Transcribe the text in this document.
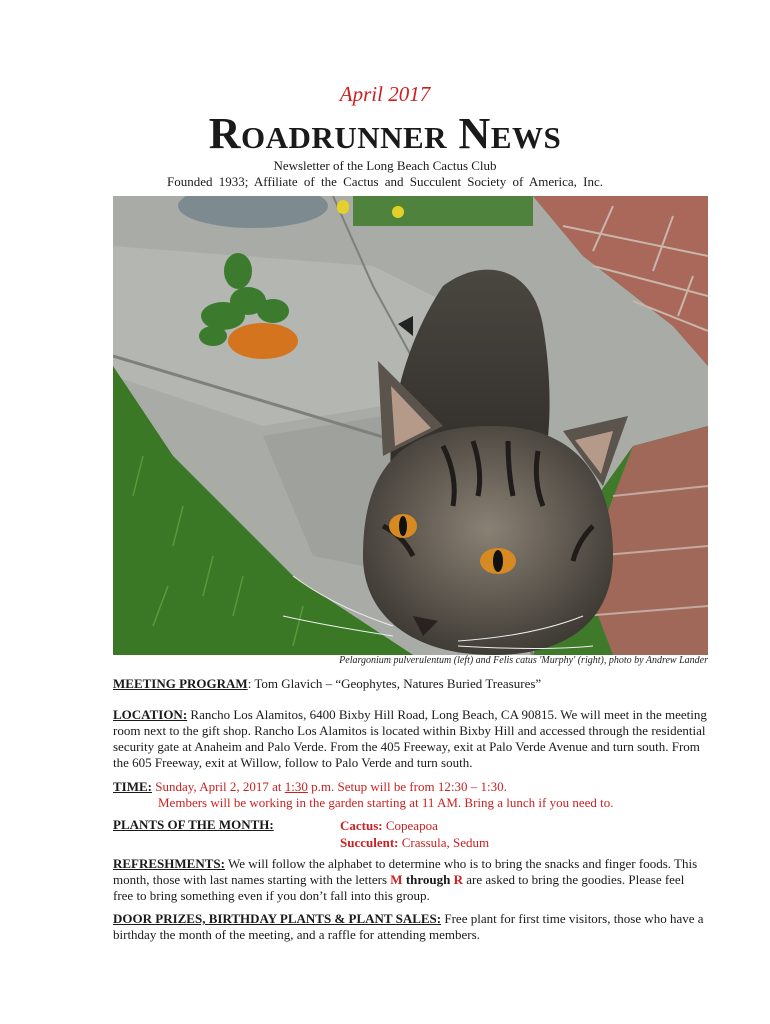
April 2017
Roadrunner News
Newsletter of the Long Beach Cactus Club
Founded 1933; Affiliate of the Cactus and Succulent Society of America, Inc.
Pelargonium pulverulentum (left) and Felis catus 'Murphy' (right), photo by Andrew Lander
MEETING PROGRAM: Tom Glavich – “Geophytes, Natures Buried Treasures”
LOCATION: Rancho Los Alamitos, 6400 Bixby Hill Road, Long Beach, CA 90815. We will meet in the meeting room next to the gift shop. Rancho Los Alamitos is located within Bixby Hill and accessed through the residential security gate at Anaheim and Palo Verde. From the 405 Freeway, exit at Palo Verde Avenue and turn south. From the 605 Freeway, exit at Willow, follow to Palo Verde and turn south.
TIME: Sunday, April 2, 2017 at 1:30 p.m. Setup will be from 12:30 – 1:30.
Members will be working in the garden starting at 11 AM. Bring a lunch if you need to.
PLANTS OF THE MONTH:	Cactus: Copeapoa
Succulent: Crassula, Sedum
REFRESHMENTS: We will follow the alphabet to determine who is to bring the snacks and finger foods. This month, those with last names starting with the letters M through R are asked to bring the goodies. Please feel free to bring something even if you don’t fall into this group.
DOOR PRIZES, BIRTHDAY PLANTS & PLANT SALES: Free plant for first time visitors, those who have a birthday the month of the meeting, and a raffle for attending members.
